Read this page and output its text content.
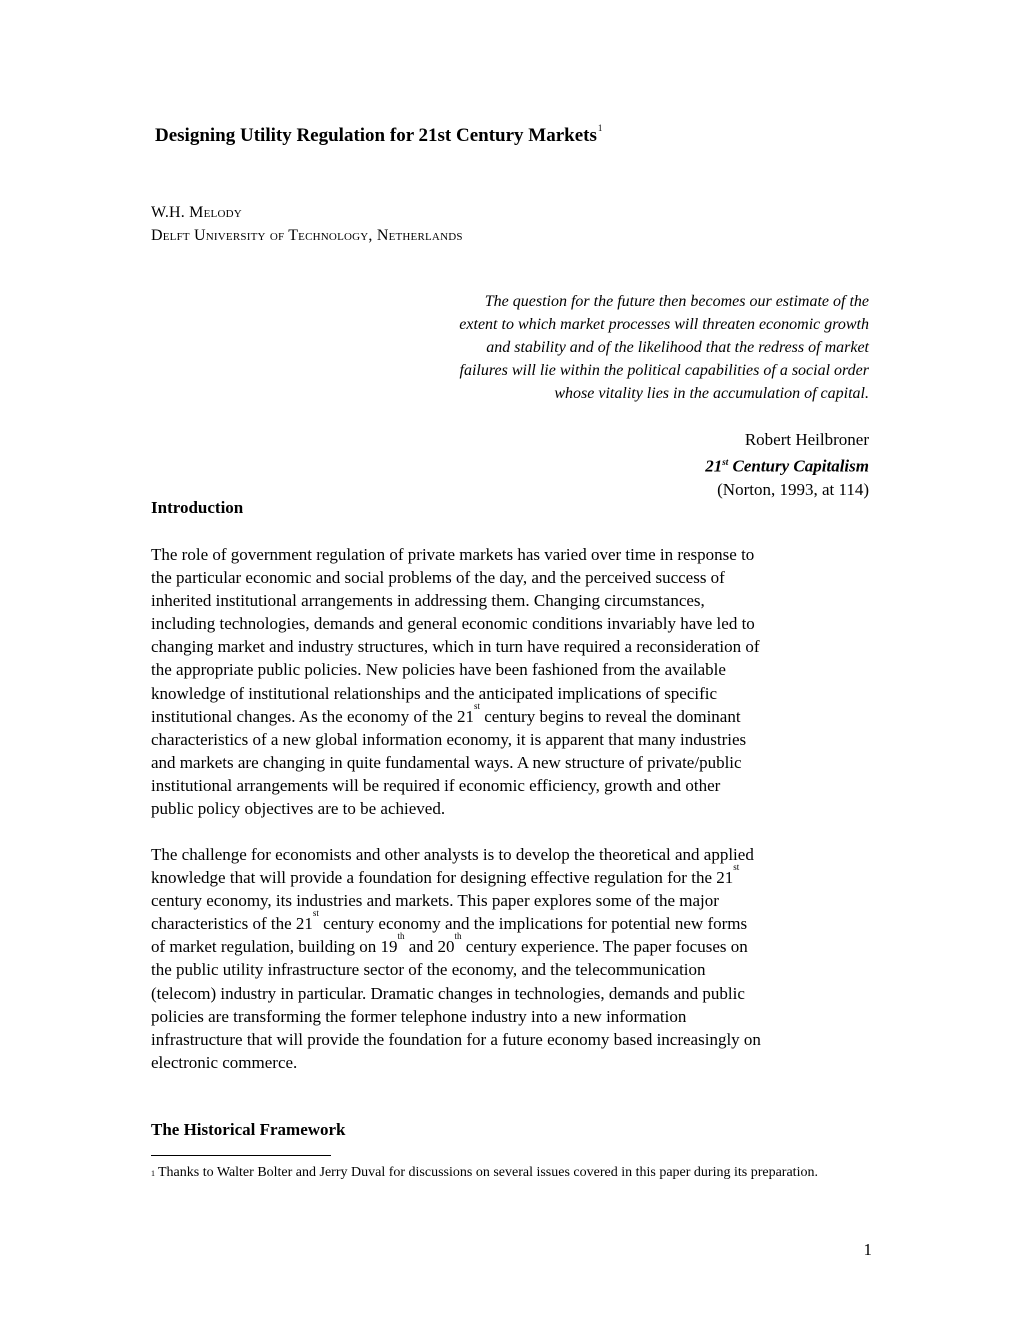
Designing Utility Regulation for 21st Century Markets$^1$
W.H. Melody
Delft University of Technology, Netherlands
The question for the future then becomes our estimate of the
extent to which market processes will threaten economic growth
and stability and of the likelihood that the redress of market
failures will lie within the political capabilities of a social order
whose vitality lies in the accumulation of capital.
Robert Heilbroner
21st Century Capitalism
(Norton, 1993, at 114)
Introduction
The role of government regulation of private markets has varied over time in response to
the particular economic and social problems of the day, and the perceived success of
inherited institutional arrangements in addressing them. Changing circumstances,
including technologies, demands and general economic conditions invariably have led to
changing market and industry structures, which in turn have required a reconsideration of
the appropriate public policies. New policies have been fashioned from the available
knowledge of institutional relationships and the anticipated implications of specific
institutional changes. As the economy of the 21st century begins to reveal the dominant
characteristics of a new global information economy, it is apparent that many industries
and markets are changing in quite fundamental ways. A new structure of private/public
institutional arrangements will be required if economic efficiency, growth and other
public policy objectives are to be achieved.
The challenge for economists and other analysts is to develop the theoretical and applied
knowledge that will provide a foundation for designing effective regulation for the 21st
century economy, its industries and markets. This paper explores some of the major
characteristics of the 21st century economy and the implications for potential new forms
of market regulation, building on 19th and 20th century experience. The paper focuses on
the public utility infrastructure sector of the economy, and the telecommunication
(telecom) industry in particular. Dramatic changes in technologies, demands and public
policies are transforming the former telephone industry into a new information
infrastructure that will provide the foundation for a future economy based increasingly on
electronic commerce.
The Historical Framework
$^1$ Thanks to Walter Bolter and Jerry Duval for discussions on several issues covered in this paper during its preparation.
1
